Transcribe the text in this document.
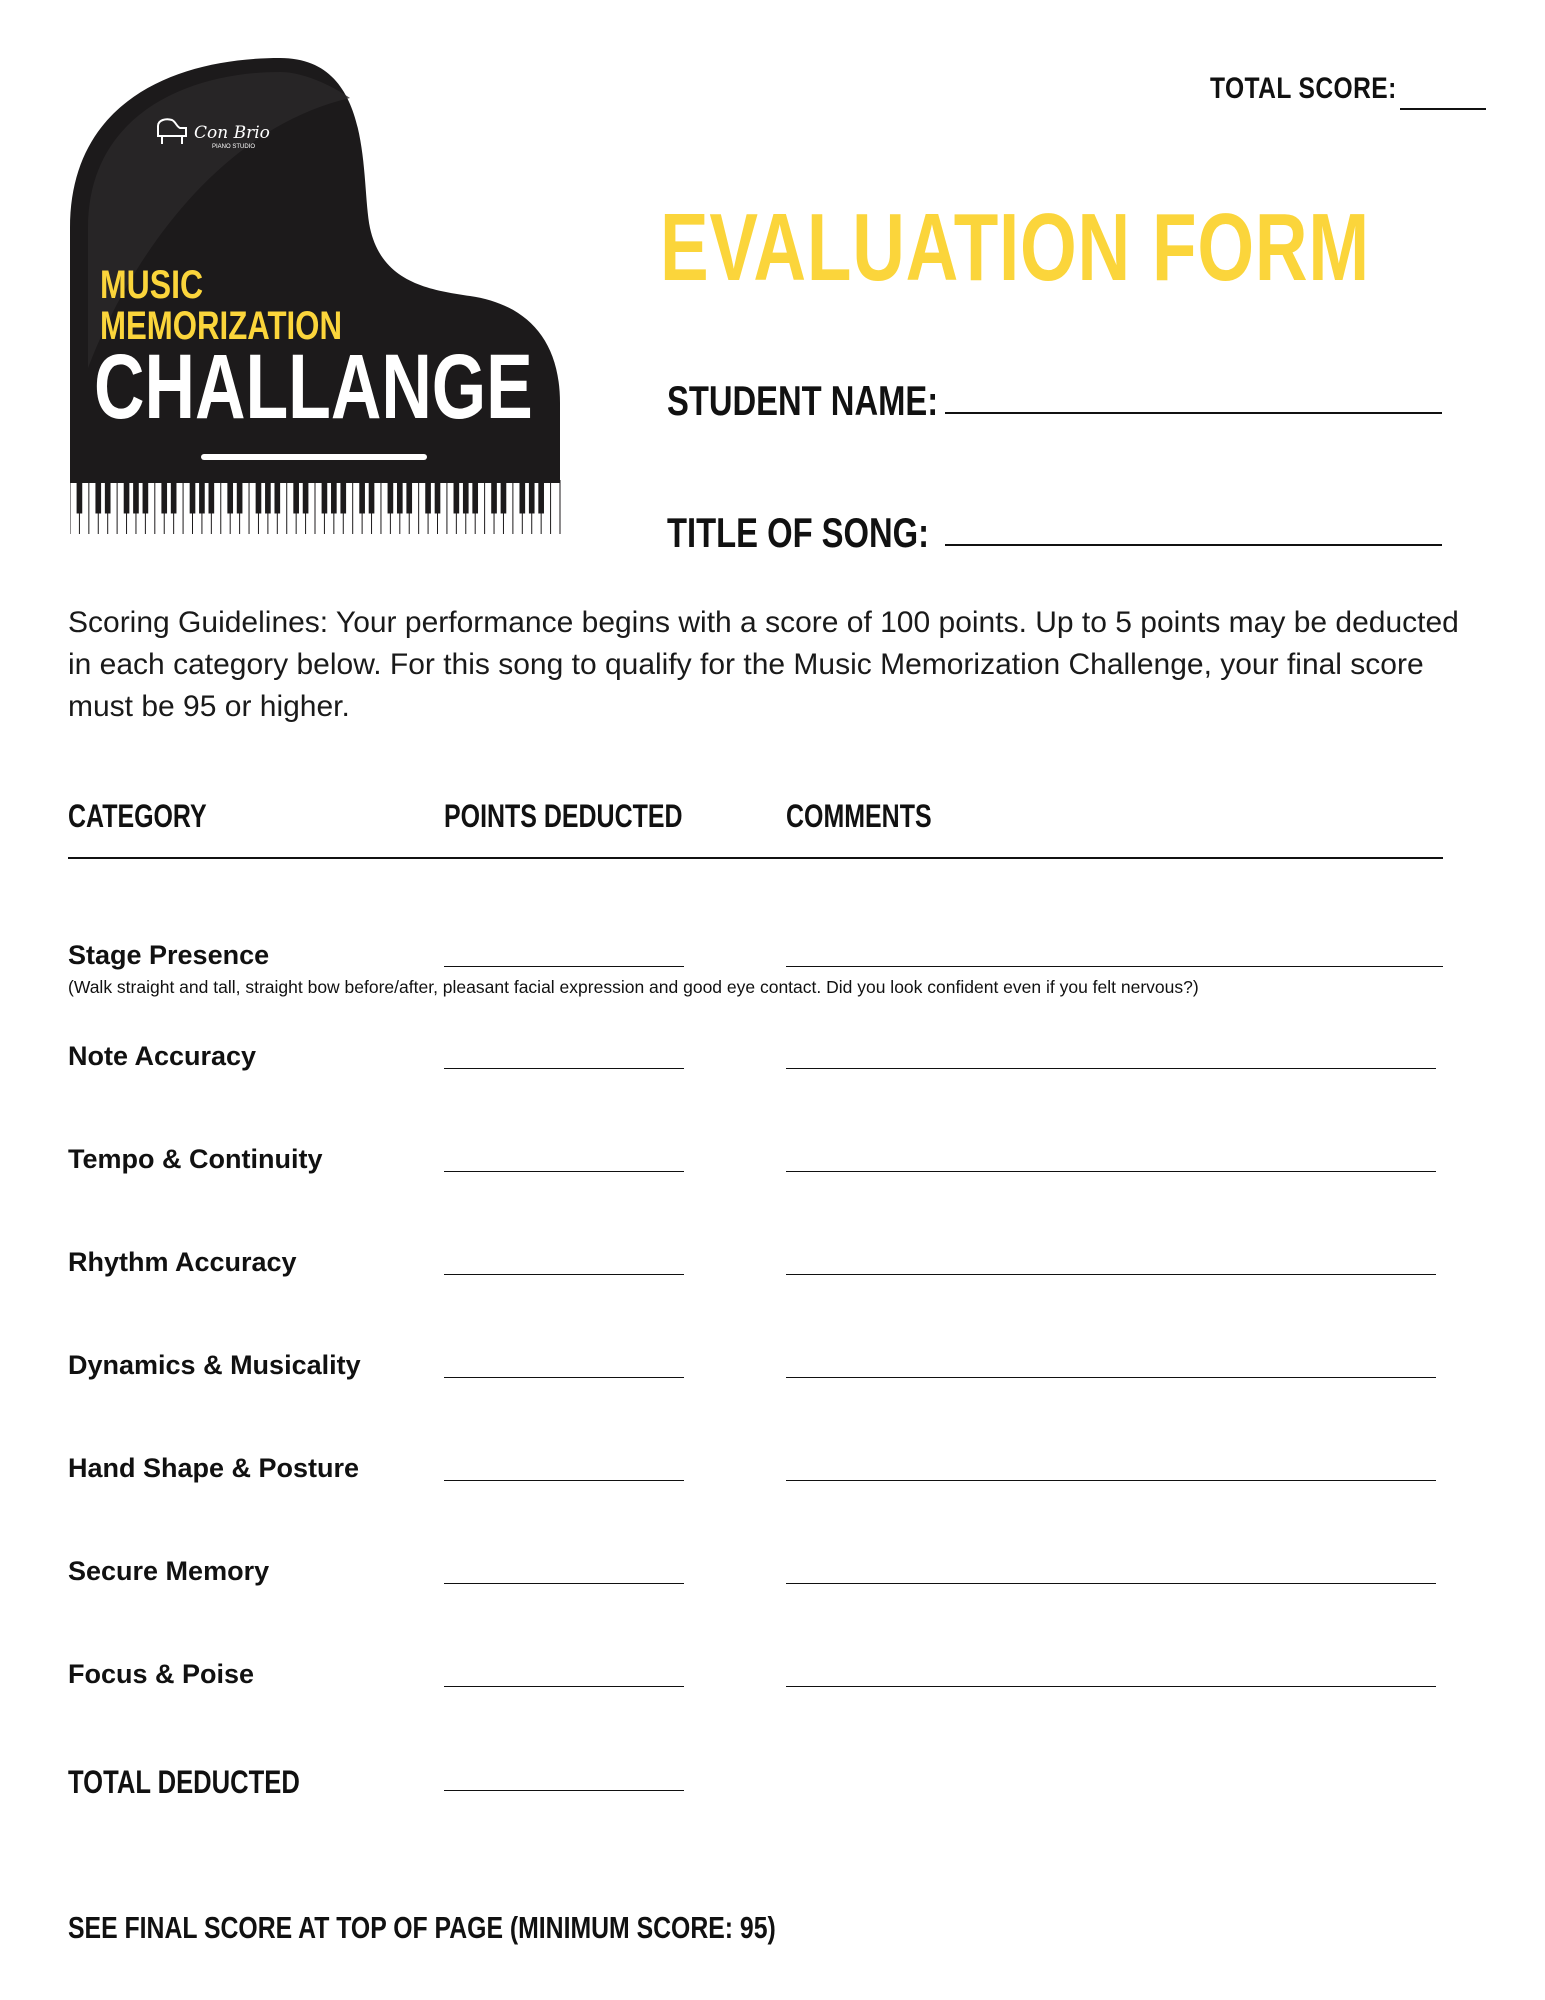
TOTAL SCORE:
Con Brio
PIANO STUDIO
MUSIC
MEMORIZATION
CHALLANGE
EVALUATION FORM
STUDENT NAME:
TITLE OF SONG:
Scoring Guidelines: Your performance begins with a score of 100 points. Up to 5 points may be deducted in each category below. For this song to qualify for the Music Memorization Challenge, your final score must be 95 or higher.
CATEGORY	POINTS DEDUCTED	COMMENTS
Stage Presence
(Walk straight and tall, straight bow before/after, pleasant facial expression and good eye contact. Did you look confident even if you felt nervous?)
Note Accuracy
Tempo & Continuity
Rhythm Accuracy
Dynamics & Musicality
Hand Shape & Posture
Secure Memory
Focus & Poise
TOTAL DEDUCTED
SEE FINAL SCORE AT TOP OF PAGE (MINIMUM SCORE: 95)
